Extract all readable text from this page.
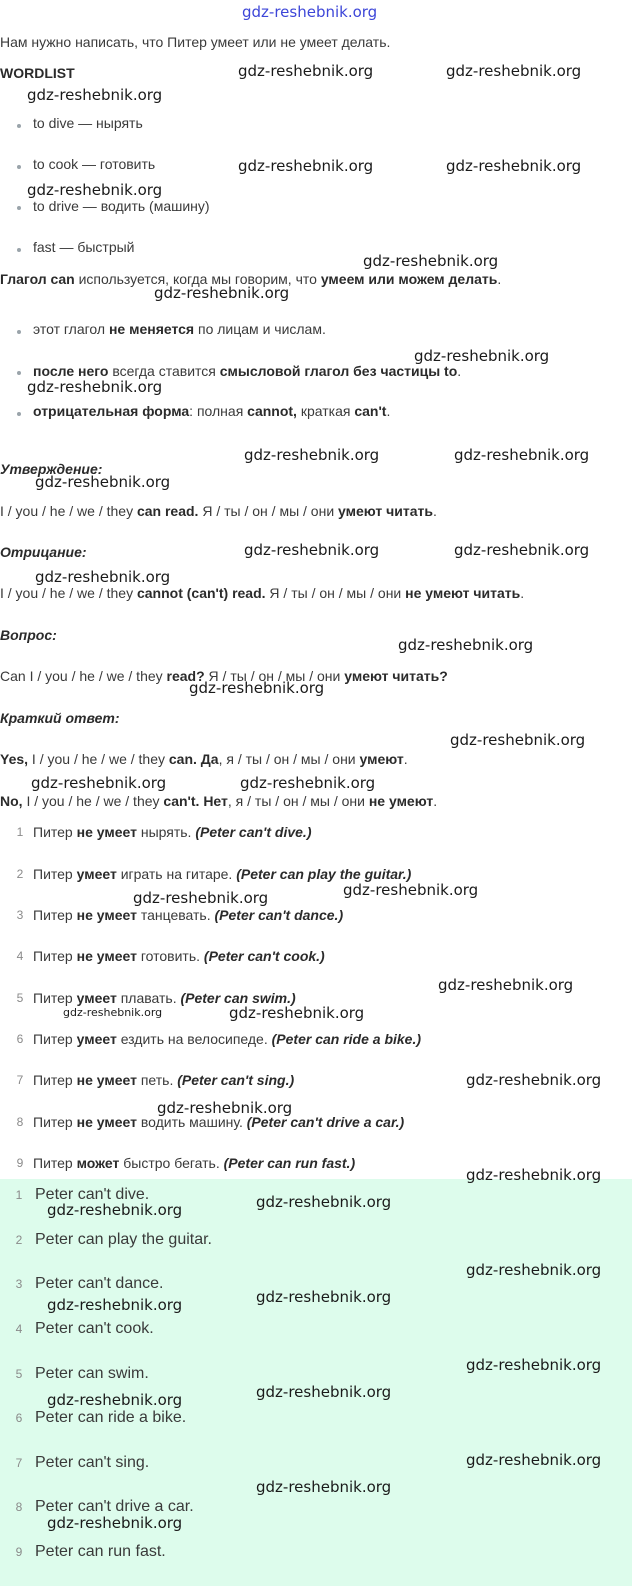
gdz-reshebnik.org
Нам нужно написать, что Питер умеет или не умеет делать.
WORDLIST
to dive — нырять
to cook — готовить
to drive — водить (машину)
fast — быстрый
Глагол can используется, когда мы говорим, что умеем или можем делать.
этот глагол не меняется по лицам и числам.
после него всегда ставится смысловой глагол без частицы to.
отрицательная форма: полная cannot, краткая can't.
Утверждение:
I / you / he / we / they can read. Я / ты / он / мы / они умеют читать.
Отрицание:
I / you / he / we / they cannot (can't) read. Я / ты / он / мы / они не умеют читать.
Вопрос:
Can I / you / he / we / they read? Я / ты / он / мы / они умеют читать?
Краткий ответ:
Yes, I / you / he / we / they can. Да, я / ты / он / мы / они умеют.
No, I / you / he / we / they can't. Нет, я / ты / он / мы / они не умеют.
1 Питер не умеет нырять. (Peter can't dive.)
2 Питер умеет играть на гитаре. (Peter can play the guitar.)
3 Питер не умеет танцевать. (Peter can't dance.)
4 Питер не умеет готовить. (Peter can't cook.)
5 Питер умеет плавать. (Peter can swim.)
6 Питер умеет ездить на велосипеде. (Peter can ride a bike.)
7 Питер не умеет петь. (Peter can't sing.)
8 Питер не умеет водить машину. (Peter can't drive a car.)
9 Питер может быстро бегать. (Peter can run fast.)
1 Peter can't dive.
2 Peter can play the guitar.
3 Peter can't dance.
4 Peter can't cook.
5 Peter can swim.
6 Peter can ride a bike.
7 Peter can't sing.
8 Peter can't drive a car.
9 Peter can run fast.
gdz-reshebnik.org	gdz-reshebnik.org
gdz-reshebnik.org
gdz-reshebnik.org	gdz-reshebnik.org
gdz-reshebnik.org
gdz-reshebnik.org
gdz-reshebnik.org
gdz-reshebnik.org
gdz-reshebnik.org
gdz-reshebnik.org	gdz-reshebnik.org
gdz-reshebnik.org
gdz-reshebnik.org	gdz-reshebnik.org
gdz-reshebnik.org
gdz-reshebnik.org
gdz-reshebnik.org
gdz-reshebnik.org
gdz-reshebnik.org	gdz-reshebnik.org
gdz-reshebnik.org	gdz-reshebnik.org
gdz-reshebnik.org
gdz-reshebnik.org	gdz-reshebnik.org
gdz-reshebnik.org
gdz-reshebnik.org
gdz-reshebnik.org
gdz-reshebnik.org	gdz-reshebnik.org
gdz-reshebnik.org
gdz-reshebnik.org	gdz-reshebnik.org
gdz-reshebnik.org
gdz-reshebnik.org	gdz-reshebnik.org
gdz-reshebnik.org
gdz-reshebnik.org
gdz-reshebnik.org
